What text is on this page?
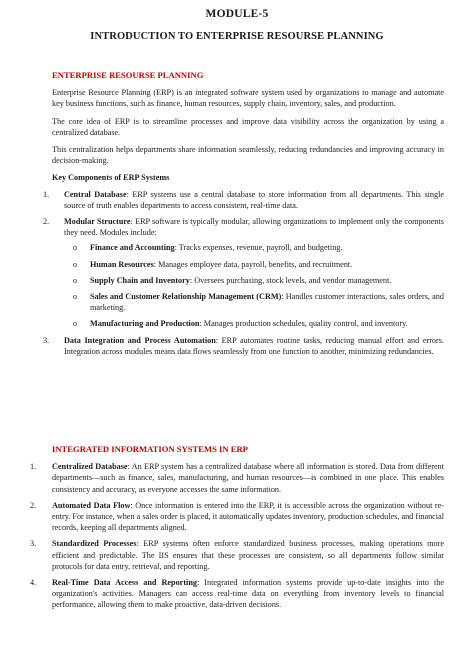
MODULE-5
INTRODUCTION TO ENTERPRISE RESOURSE PLANNING
ENTERPRISE RESOURSE PLANNING

Enterprise Resource Planning (ERP) is an integrated software system used by organizations to manage and automate key business functions, such as finance, human resources, supply chain, inventory, sales, and production.

The core idea of ERP is to streamline processes and improve data visibility across the organization by using a centralized database.

This centralization helps departments share information seamlessly, reducing redundancies and improving accuracy in decision-making.

Key Components of ERP Systems
1. Central Database: ERP systems use a central database to store information from all departments. This single source of truth enables departments to access consistent, real-time data.
2. Modular Structure: ERP software is typically modular, allowing organizations to implement only the components they need. Modules include:
o Finance and Accounting: Tracks expenses, revenue, payroll, and budgeting.
o Human Resources: Manages employee data, payroll, benefits, and recruitment.
o Supply Chain and Inventory: Oversees purchasing, stock levels, and vendor management.
o Sales and Customer Relationship Management (CRM): Handles customer interactions, sales orders, and marketing.
o Manufacturing and Production: Manages production schedules, quality control, and inventory.
3. Data Integration and Process Automation: ERP automates routine tasks, reducing manual effort and errors. Integration across modules means data flows seamlessly from one function to another, minimizing redundancies.
INTEGRATED INFORMATION SYSTEMS IN ERP
1. Centralized Database: An ERP system has a centralized database where all information is stored. Data from different departments—such as finance, sales, manufacturing, and human resources—is combined in one place. This enables consistency and accuracy, as everyone accesses the same information.
2. Automated Data Flow: Once information is entered into the ERP, it is accessible across the organization without re-entry. For instance, when a sales order is placed, it automatically updates inventory, production schedules, and financial records, keeping all departments aligned.
3. Standardized Processes: ERP systems often enforce standardized business processes, making operations more efficient and predictable. The IIS ensures that these processes are consistent, so all departments follow similar protocols for data entry, retrieval, and reporting.
4. Real-Time Data Access and Reporting: Integrated information systems provide up-to-date insights into the organization's activities. Managers can access real-time data on everything from inventory levels to financial performance, allowing them to make proactive, data-driven decisions.
